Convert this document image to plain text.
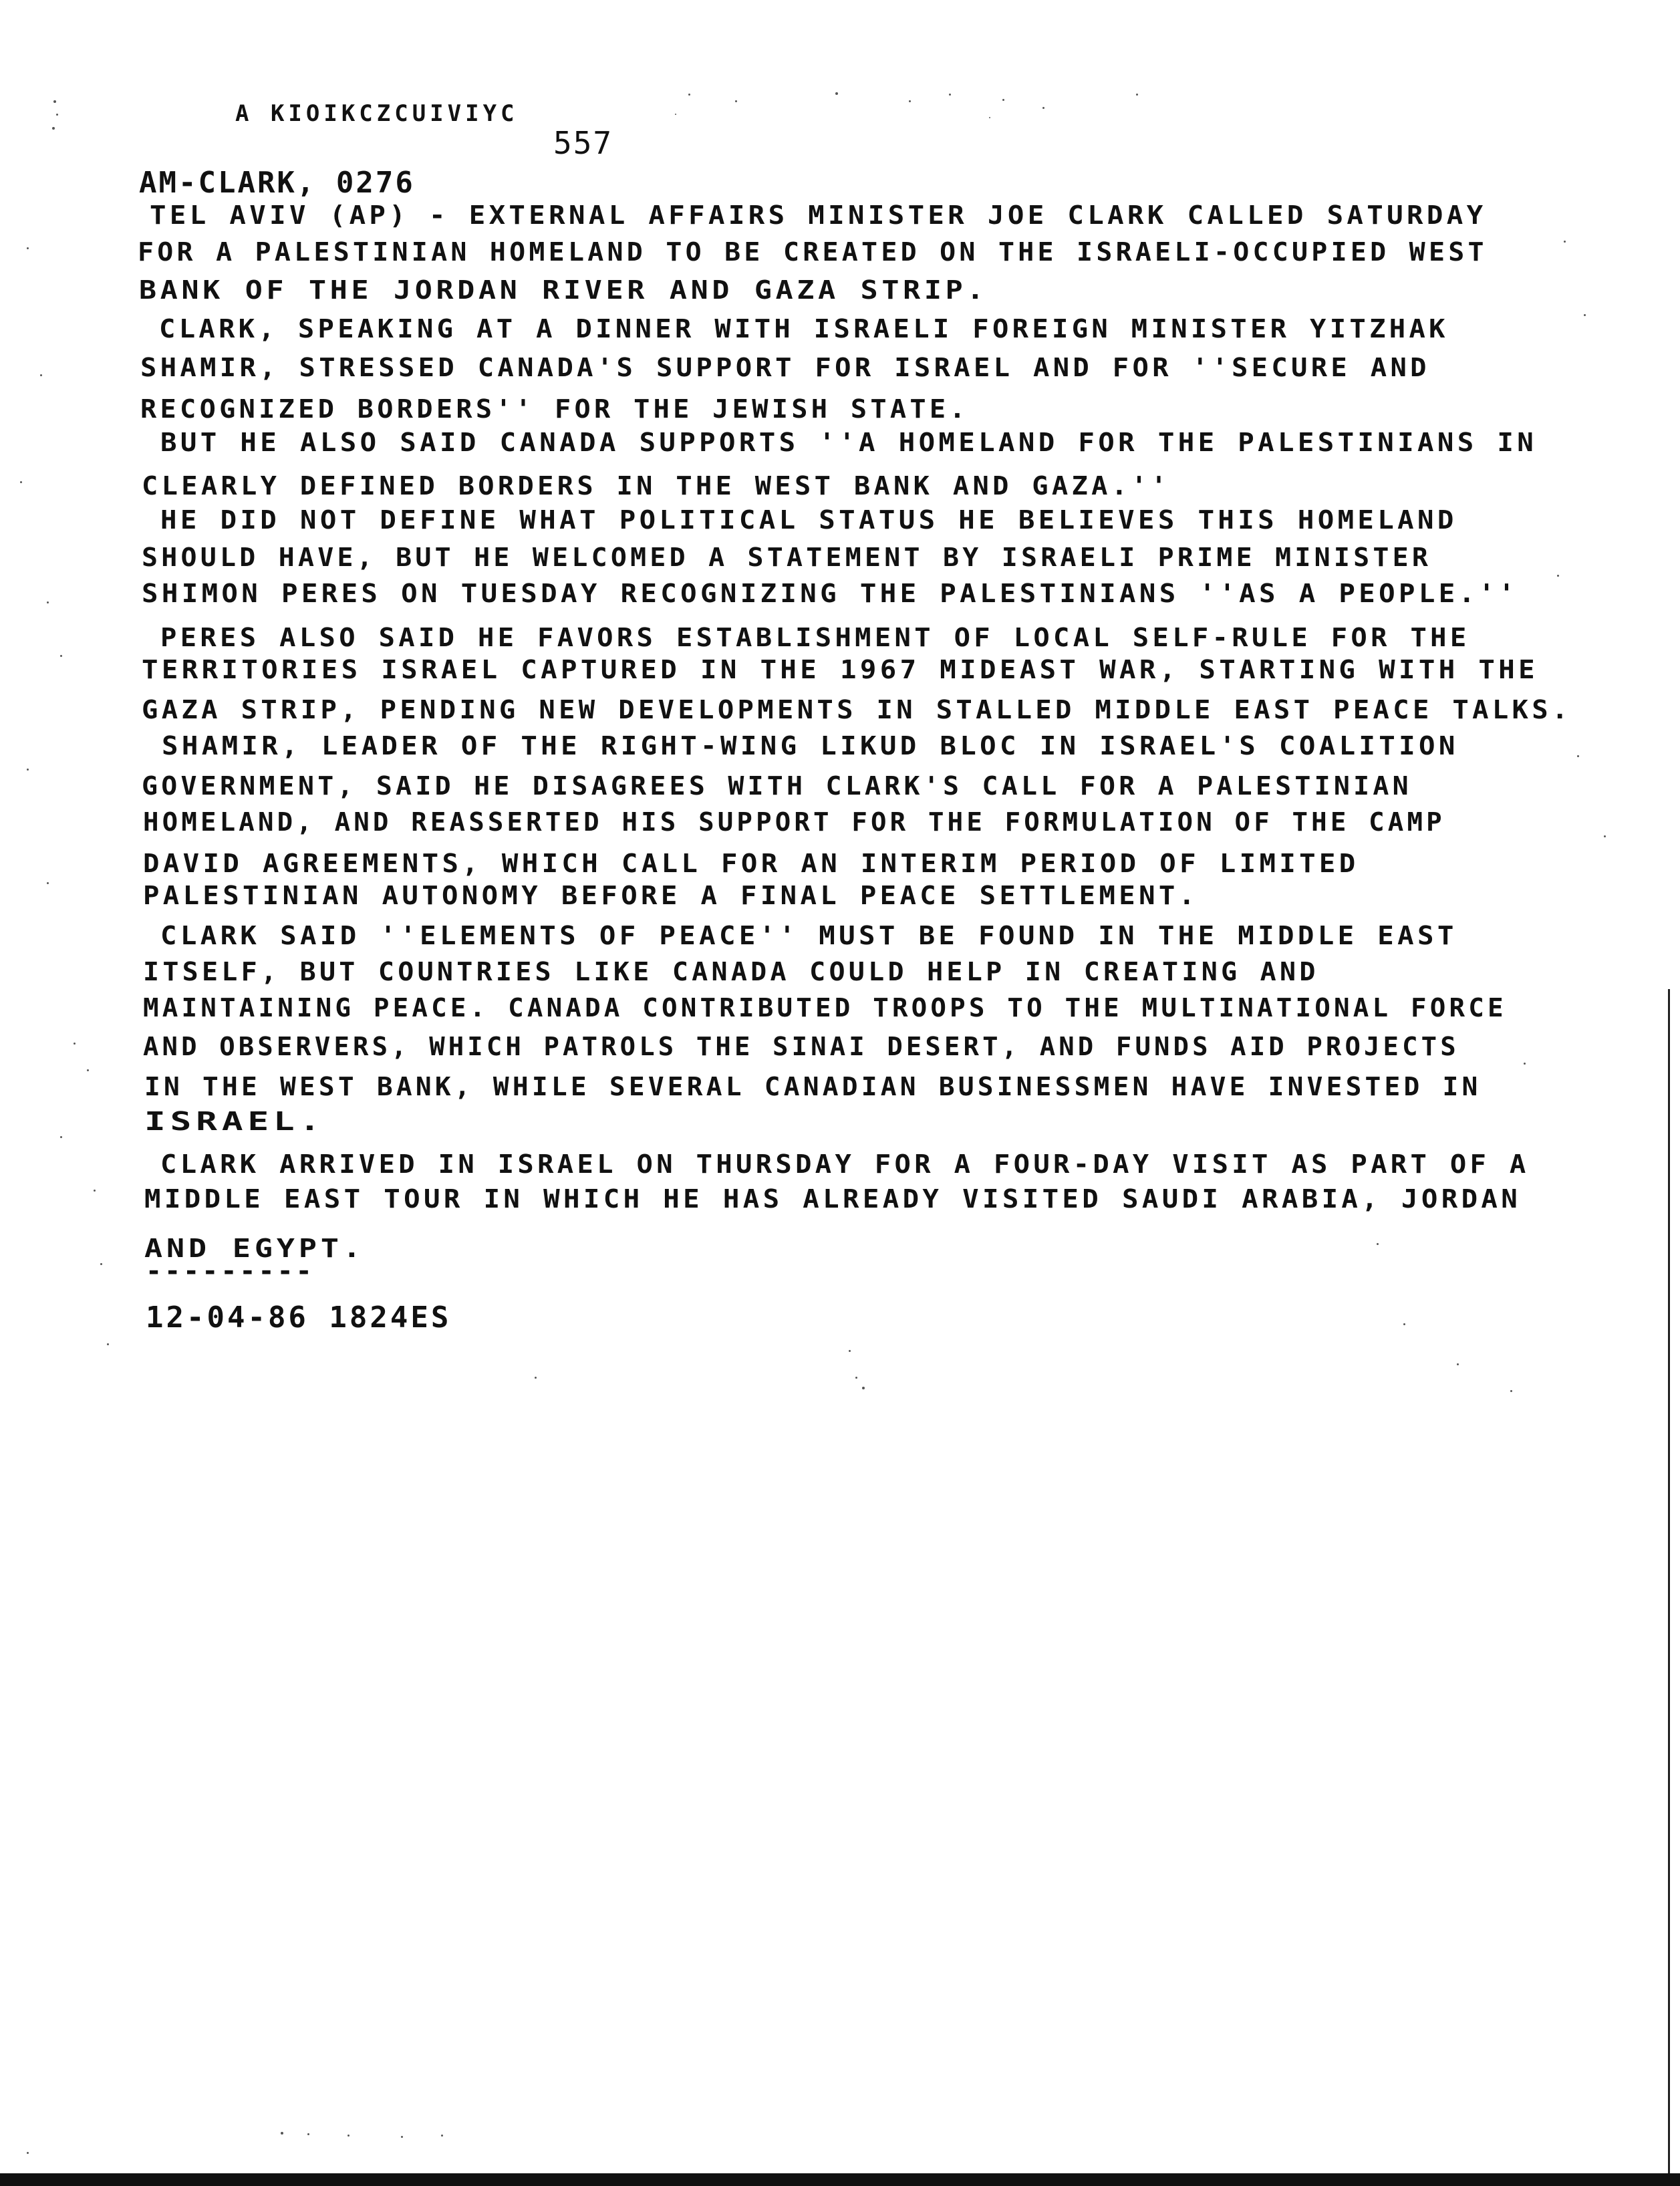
A KIOIKCZCUIVIYC
557
AM-CLARK, 0276
TEL AVIV (AP) - EXTERNAL AFFAIRS MINISTER JOE CLARK CALLED SATURDAY
FOR A PALESTINIAN HOMELAND TO BE CREATED ON THE ISRAELI-OCCUPIED WEST
BANK OF THE JORDAN RIVER AND GAZA STRIP.
CLARK, SPEAKING AT A DINNER WITH ISRAELI FOREIGN MINISTER YITZHAK
SHAMIR, STRESSED CANADA'S SUPPORT FOR ISRAEL AND FOR ''SECURE AND
RECOGNIZED BORDERS'' FOR THE JEWISH STATE.
BUT HE ALSO SAID CANADA SUPPORTS ''A HOMELAND FOR THE PALESTINIANS IN
CLEARLY DEFINED BORDERS IN THE WEST BANK AND GAZA.''
HE DID NOT DEFINE WHAT POLITICAL STATUS HE BELIEVES THIS HOMELAND
SHOULD HAVE, BUT HE WELCOMED A STATEMENT BY ISRAELI PRIME MINISTER
SHIMON PERES ON TUESDAY RECOGNIZING THE PALESTINIANS ''AS A PEOPLE.''
PERES ALSO SAID HE FAVORS ESTABLISHMENT OF LOCAL SELF-RULE FOR THE
TERRITORIES ISRAEL CAPTURED IN THE 1967 MIDEAST WAR, STARTING WITH THE
GAZA STRIP, PENDING NEW DEVELOPMENTS IN STALLED MIDDLE EAST PEACE TALKS.
SHAMIR, LEADER OF THE RIGHT-WING LIKUD BLOC IN ISRAEL'S COALITION
GOVERNMENT, SAID HE DISAGREES WITH CLARK'S CALL FOR A PALESTINIAN
HOMELAND, AND REASSERTED HIS SUPPORT FOR THE FORMULATION OF THE CAMP
DAVID AGREEMENTS, WHICH CALL FOR AN INTERIM PERIOD OF LIMITED
PALESTINIAN AUTONOMY BEFORE A FINAL PEACE SETTLEMENT.
CLARK SAID ''ELEMENTS OF PEACE'' MUST BE FOUND IN THE MIDDLE EAST
ITSELF, BUT COUNTRIES LIKE CANADA COULD HELP IN CREATING AND
MAINTAINING PEACE. CANADA CONTRIBUTED TROOPS TO THE MULTINATIONAL FORCE
AND OBSERVERS, WHICH PATROLS THE SINAI DESERT, AND FUNDS AID PROJECTS
IN THE WEST BANK, WHILE SEVERAL CANADIAN BUSINESSMEN HAVE INVESTED IN
ISRAEL.
CLARK ARRIVED IN ISRAEL ON THURSDAY FOR A FOUR-DAY VISIT AS PART OF A
MIDDLE EAST TOUR IN WHICH HE HAS ALREADY VISITED SAUDI ARABIA, JORDAN
AND EGYPT.
---------
12-04-86 1824ES
